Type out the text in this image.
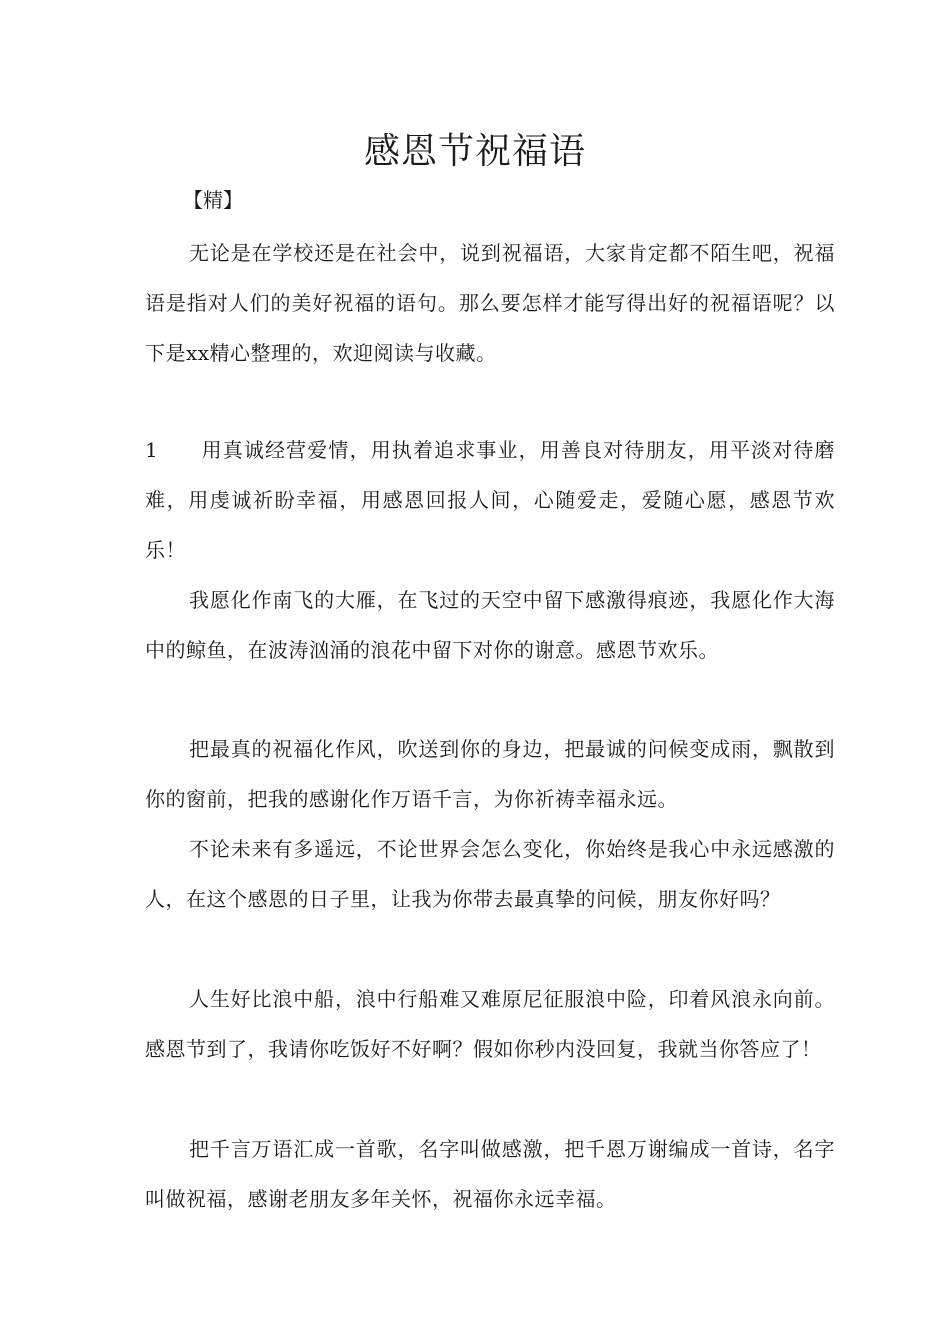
感恩节祝福语

【精】

无论是在学校还是在社会中，说到祝福语，大家肯定都不陌生吧，祝福语是指对人们的美好祝福的语句。那么要怎样才能写得出好的祝福语呢？以下是xx精心整理的，欢迎阅读与收藏。

1 用真诚经营爱情，用执着追求事业，用善良对待朋友，用平淡对待磨难，用虔诚祈盼幸福，用感恩回报人间，心随爱走，爱随心愿，感恩节欢乐！

我愿化作南飞的大雁，在飞过的天空中留下感激得痕迹，我愿化作大海中的鲸鱼，在波涛汹涌的浪花中留下对你的谢意。感恩节欢乐。

把最真的祝福化作风，吹送到你的身边，把最诚的问候变成雨，飘散到你的窗前，把我的感谢化作万语千言，为你祈祷幸福永远。

不论未来有多遥远，不论世界会怎么变化，你始终是我心中永远感激的人，在这个感恩的日子里，让我为你带去最真挚的问候，朋友你好吗？

人生好比浪中船，浪中行船难又难原尼征服浪中险，印着风浪永向前。感恩节到了，我请你吃饭好不好啊？假如你秒内没回复，我就当你答应了！

把千言万语汇成一首歌，名字叫做感激，把千恩万谢编成一首诗，名字叫做祝福，感谢老朋友多年关怀，祝福你永远幸福。
